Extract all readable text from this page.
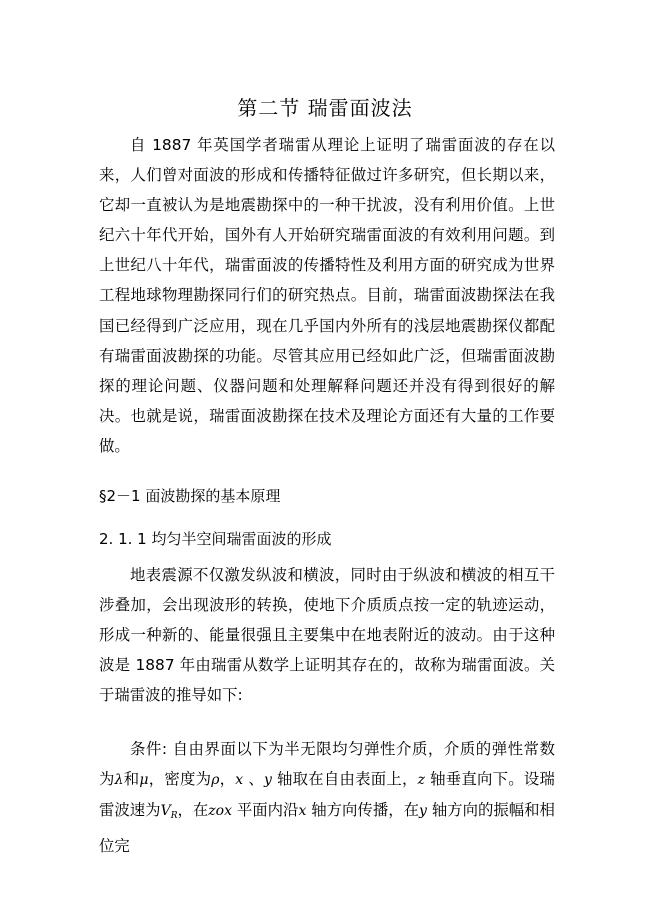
第二节 瑞雷面波法

自 1887 年英国学者瑞雷从理论上证明了瑞雷面波的存在以来，人们曾对面波的形成和传播特征做过许多研究，但长期以来，它却一直被认为是地震勘探中的一种干扰波，没有利用价值。上世纪六十年代开始，国外有人开始研究瑞雷面波的有效利用问题。到上世纪八十年代，瑞雷面波的传播特性及利用方面的研究成为世界工程地球物理勘探同行们的研究热点。目前，瑞雷面波勘探法在我国已经得到广泛应用，现在几乎国内外所有的浅层地震勘探仪都配有瑞雷面波勘探的功能。尽管其应用已经如此广泛，但瑞雷面波勘探的理论问题、仪器问题和处理解释问题还并没有得到很好的解决。也就是说，瑞雷面波勘探在技术及理论方面还有大量的工作要做。

§2－1 面波勘探的基本原理
2. 1. 1 均匀半空间瑞雷面波的形成

地表震源不仅激发纵波和横波，同时由于纵波和横波的相互干涉叠加，会出现波形的转换，使地下介质质点按一定的轨迹运动，形成一种新的、能量很强且主要集中在地表附近的波动。由于这种波是 1887 年由瑞雷从数学上证明其存在的，故称为瑞雷面波。关于瑞雷波的推导如下:

条件: 自由界面以下为半无限均匀弹性介质，介质的弹性常数为λ和μ，密度为ρ，x 、y 轴取在自由表面上，z 轴垂直向下。设瑞雷波速为$V_R$，在zox 平面内沿x 轴方向传播，在y 轴方向的振幅和相位完
